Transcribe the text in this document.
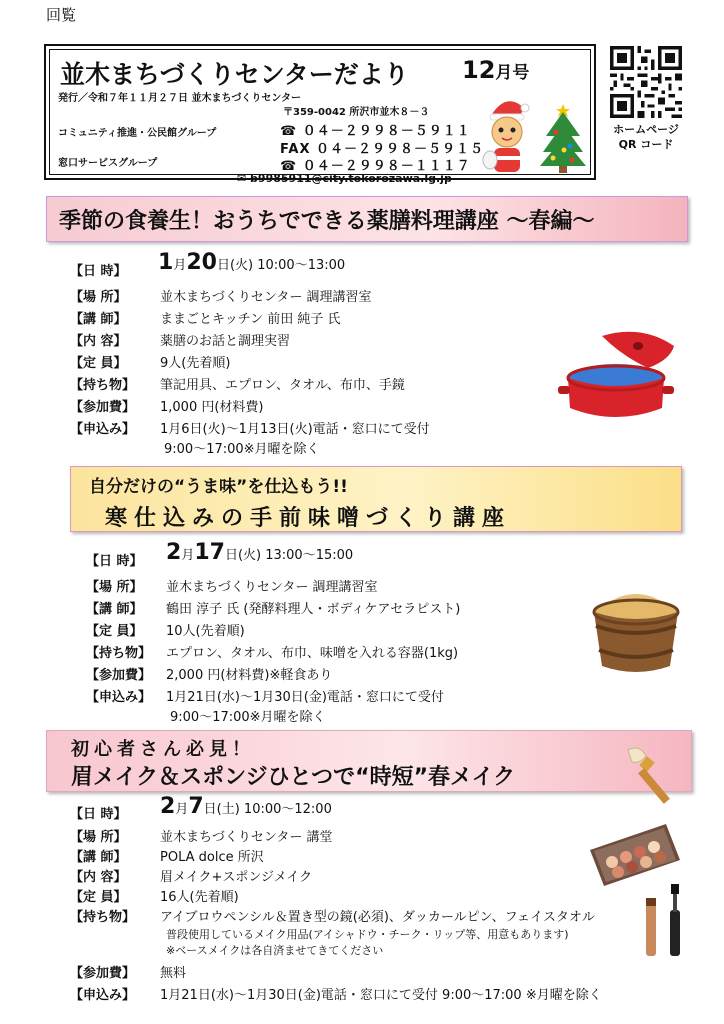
回覧
並木まちづくりセンターだより 12月号
発行／令和７年１１月２７日 並木まちづくりセンター
〒359-0042 所沢市並木８－３
コミュニティ推進・公民館グループ
窓口サービスグループ
☎ ０４－２９９８－５９１１
FAX ０４－２９９８－５９１５
☎ ０４－２９９８－１１１７
✉ b9985911@city.tokorozawa.lg.jp
ホームページ
QR コード
季節の食養生！おうちでできる薬膳料理講座 ～春編～
【日 時】 1月20日(火) 10:00～13:00
【場 所】	並木まちづくりセンター 調理講習室
【講 師】	ままごとキッチン 前田 純子 氏
【内 容】	薬膳のお話と調理実習
【定 員】	9人(先着順)
【持ち物】 筆記用具、エプロン、タオル、布巾、手鏡
【参加費】 1,000 円(材料費)
【申込み】 1月6日(火)～1月13日(火)電話・窓口にて受付
9:00～17:00※月曜を除く
自分だけの“うま味”を仕込もう!!
寒仕込みの手前味噌づくり講座
【日 時】 2月17日(火) 13:00～15:00
【場 所】 並木まちづくりセンター 調理講習室
【講 師】 鶴田 淳子 氏 (発酵料理人・ボディケアセラピスト)
【定 員】 10人(先着順)
【持ち物】 エプロン、タオル、布巾、味噌を入れる容器(1kg)
【参加費】 2,000 円(材料費)※軽食あり
【申込み】 1月21日(水)～1月30日(金)電話・窓口にて受付
9:00～17:00※月曜を除く
初心者さん必見！
眉メイク＆スポンジひとつで“時短”春メイク
【日 時】 2月7日(土) 10:00～12:00
【場 所】	並木まちづくりセンター 講堂
【講 師】	POLA dolce 所沢
【内 容】	眉メイク+スポンジメイク
【定 員】	16人(先着順)
【持ち物】 アイブロウペンシル＆置き型の鏡(必須)、ダッカールピン、フェイスタオル
普段使用しているメイク用品(アイシャドウ・チーク・リップ等、用意もあります)
※ベースメイクは各自済ませてきてください
【参加費】 無料
【申込み】 1月21日(水)～1月30日(金)電話・窓口にて受付 9:00～17:00 ※月曜を除く
